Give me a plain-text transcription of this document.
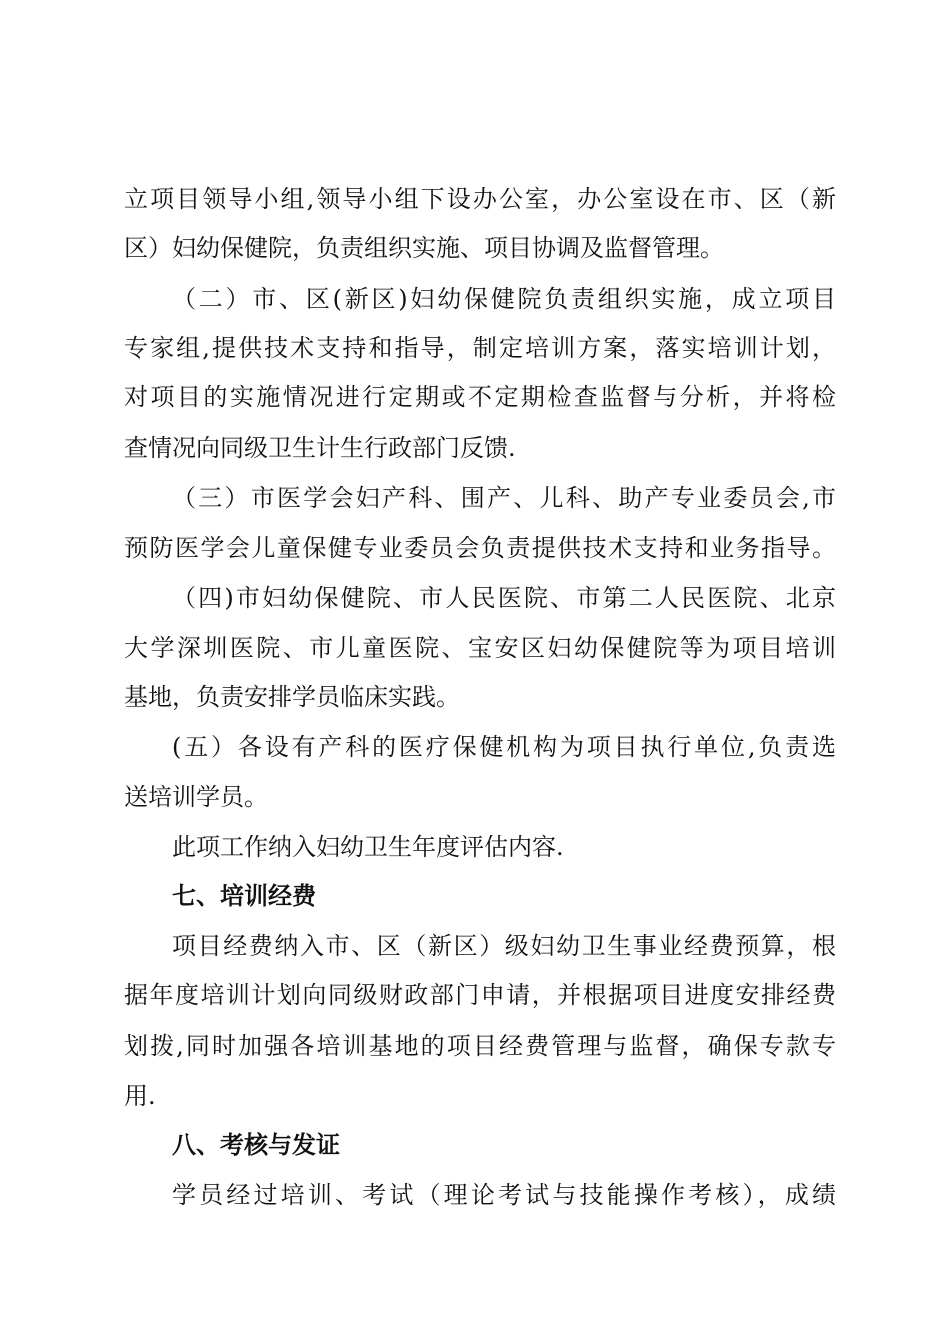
立项目领导小组,领导小组下设办公室，办公室设在市、区（新
区）妇幼保健院，负责组织实施、项目协调及监督管理。
（二）市、区(新区)妇幼保健院负责组织实施，成立项目
专家组,提供技术支持和指导，制定培训方案，落实培训计划，
对项目的实施情况进行定期或不定期检查监督与分析，并将检
查情况向同级卫生计生行政部门反馈.
（三）市医学会妇产科、围产、儿科、助产专业委员会,市
预防医学会儿童保健专业委员会负责提供技术支持和业务指导。
（四)市妇幼保健院、市人民医院、市第二人民医院、北京
大学深圳医院、市儿童医院、宝安区妇幼保健院等为项目培训
基地，负责安排学员临床实践。
(五）各设有产科的医疗保健机构为项目执行单位,负责选
送培训学员。
此项工作纳入妇幼卫生年度评估内容.
七、培训经费
项目经费纳入市、区（新区）级妇幼卫生事业经费预算，根
据年度培训计划向同级财政部门申请，并根据项目进度安排经费
划拨,同时加强各培训基地的项目经费管理与监督，确保专款专
用.
八、考核与发证
学员经过培训、考试（理论考试与技能操作考核），成绩
